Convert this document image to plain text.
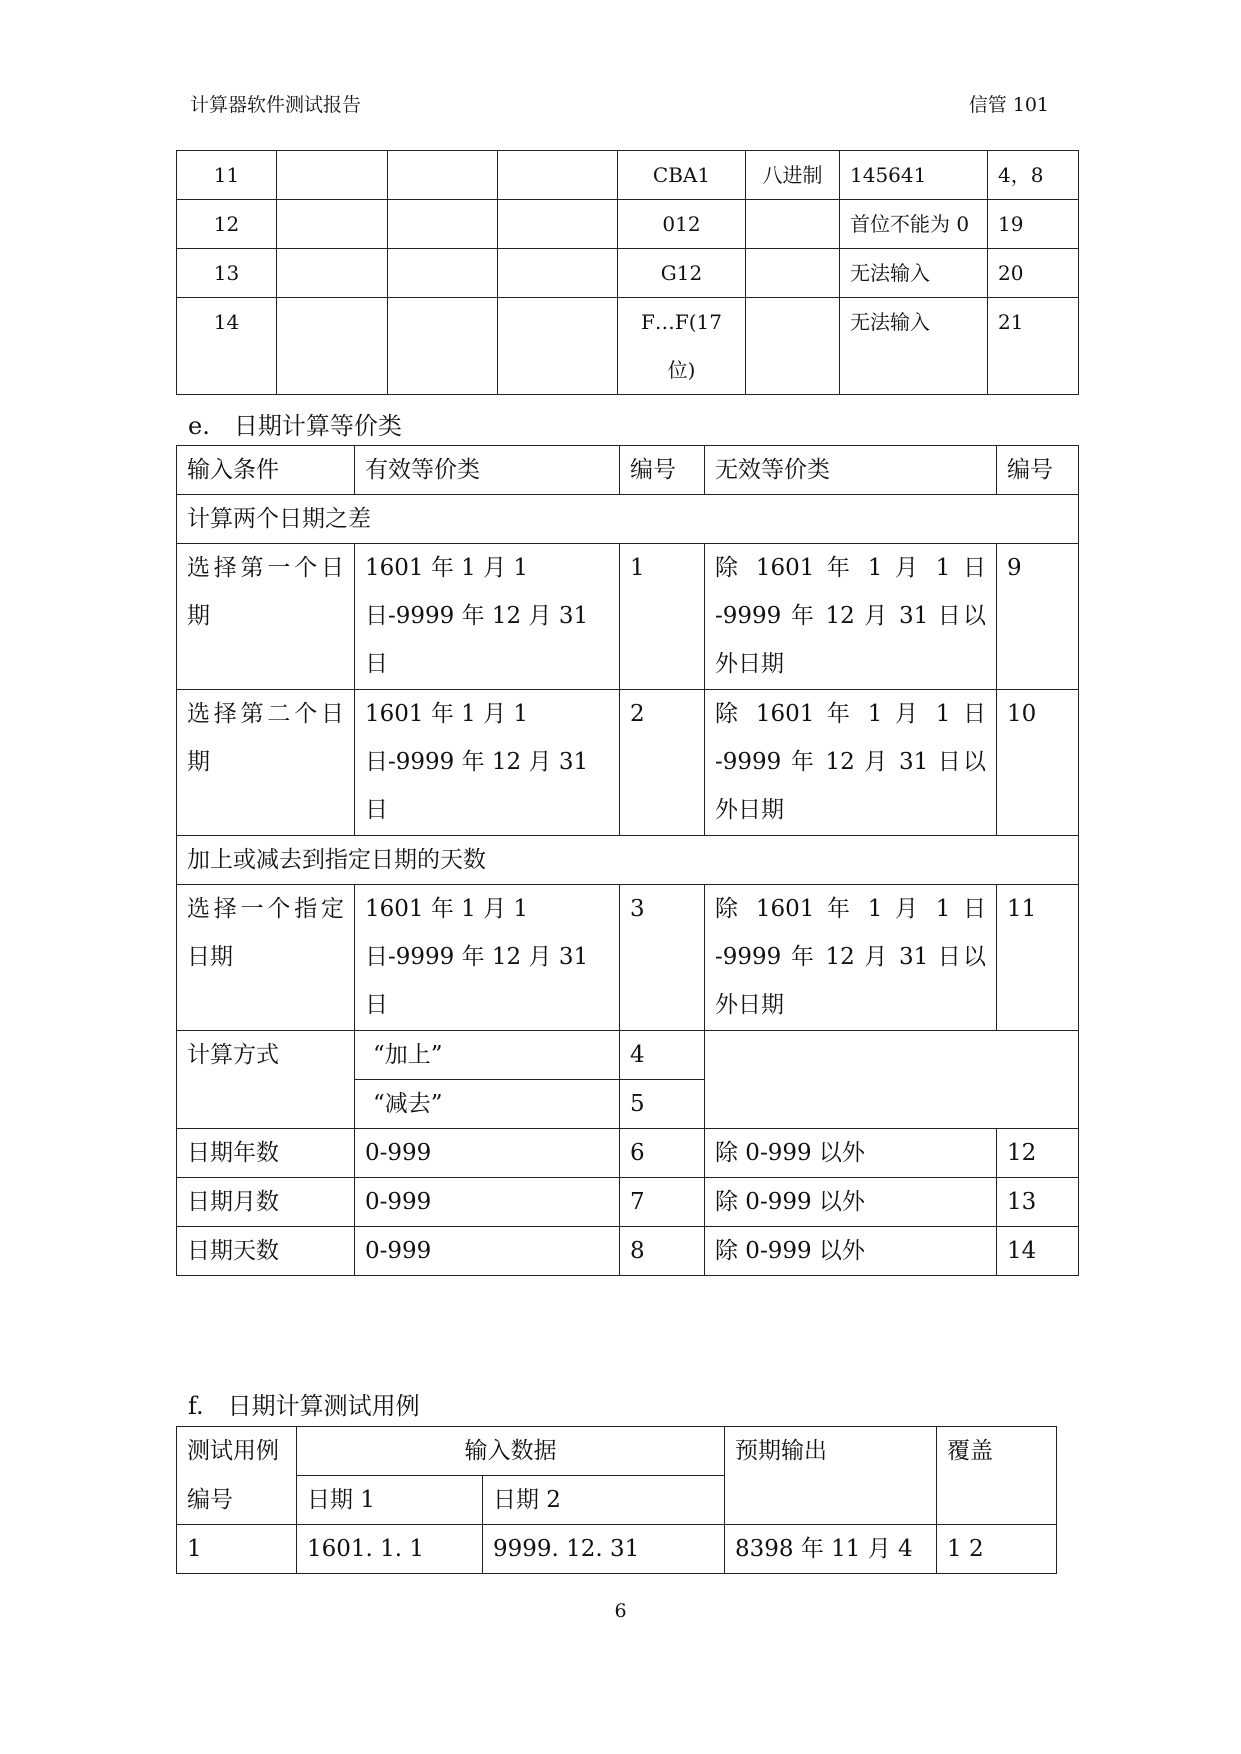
计算器软件测试报告	信管 101
11				CBA1	八进制	145641	4，8
12				012		首位不能为 0	19
13				G12		无法输入	20
14				F…F(17 位)		无法输入	21
e.　日期计算等价类
输入条件	有效等价类	编号	无效等价类	编号
计算两个日期之差				
选择第一个日期	1601 年 1 月 1 日-9999 年 12 月 31 日	1	除 1601 年 1 月 1 日 -9999 年 12 月 31 日以外日期	9
选择第二个日期	1601 年 1 月 1 日-9999 年 12 月 31 日	2	除 1601 年 1 月 1 日 -9999 年 12 月 31 日以外日期	10
加上或减去到指定日期的天数				
选择一个指定日期	1601 年 1 月 1 日-9999 年 12 月 31 日	3	除 1601 年 1 月 1 日 -9999 年 12 月 31 日以外日期	11
计算方式	“加上”	4		
	“减去”	5		
日期年数	0-999	6	除 0-999 以外	12
日期月数	0-999	7	除 0-999 以外	13
日期天数	0-999	8	除 0-999 以外	14
f.　日期计算测试用例
测试用例	输入数据		预期输出	覆盖
编号	日期 1	日期 2		
1	1601. 1. 1	9999. 12. 31	8398 年 11 月 4	1 2
6
